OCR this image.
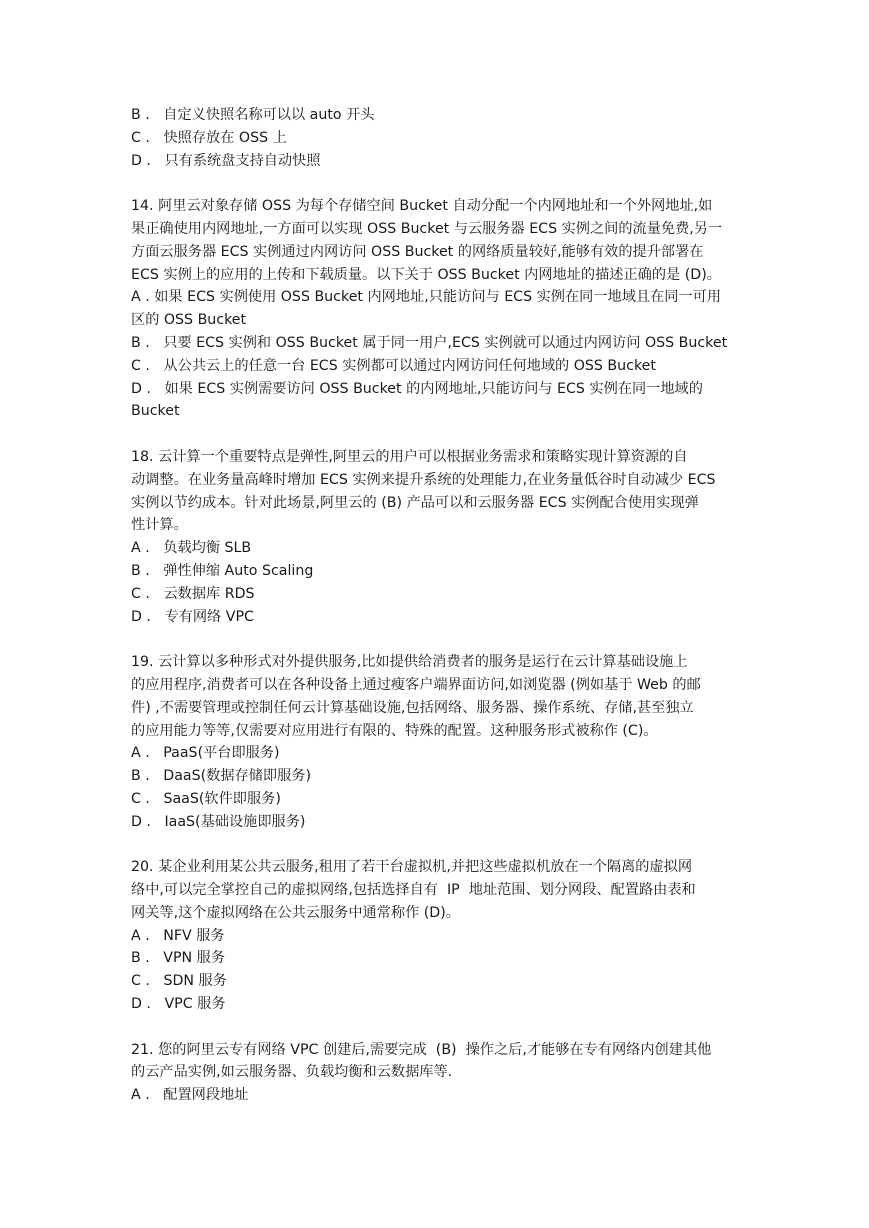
B .   自定义快照名称可以以 auto 开头
C .   快照存放在 OSS 上
D .   只有系统盘支持自动快照
14. 阿里云对象存储 OSS 为每个存储空间 Bucket 自动分配一个内网地址和一个外网地址,如
果正确使用内网地址,一方面可以实现 OSS Bucket 与云服务器 ECS 实例之间的流量免费,另一
方面云服务器 ECS 实例通过内网访问 OSS Bucket 的网络质量较好,能够有效的提升部署在
ECS 实例上的应用的上传和下载质量。以下关于 OSS Bucket 内网地址的描述正确的是 (D)。
A . 如果 ECS 实例使用 OSS Bucket 内网地址,只能访问与 ECS 实例在同一地域且在同一可用
区的 OSS Bucket
B .   只要 ECS 实例和 OSS Bucket 属于同一用户,ECS 实例就可以通过内网访问 OSS Bucket
C .   从公共云上的任意一台 ECS 实例都可以通过内网访问任何地域的 OSS Bucket
D .   如果 ECS 实例需要访问 OSS Bucket 的内网地址,只能访问与 ECS 实例在同一地域的
Bucket
18. 云计算一个重要特点是弹性,阿里云的用户可以根据业务需求和策略实现计算资源的自
动调整。在业务量高峰时增加 ECS 实例来提升系统的处理能力,在业务量低谷时自动减少 ECS
实例以节约成本。针对此场景,阿里云的 (B) 产品可以和云服务器 ECS 实例配合使用实现弹
性计算。
A .   负载均衡 SLB
B .   弹性伸缩 Auto Scaling
C .   云数据库 RDS
D .   专有网络 VPC
19. 云计算以多种形式对外提供服务,比如提供给消费者的服务是运行在云计算基础设施上
的应用程序,消费者可以在各种设备上通过瘦客户端界面访问,如浏览器 (例如基于 Web 的邮
件) ,不需要管理或控制任何云计算基础设施,包括网络、服务器、操作系统、存储,甚至独立
的应用能力等等,仅需要对应用进行有限的、特殊的配置。这种服务形式被称作 (C)。
A .   PaaS(平台即服务)
B .   DaaS(数据存储即服务)
C .   SaaS(软件即服务)
D .   IaaS(基础设施即服务)
20. 某企业利用某公共云服务,租用了若干台虚拟机,并把这些虚拟机放在一个隔离的虚拟网
络中,可以完全掌控自己的虚拟网络,包括选择自有  IP  地址范围、划分网段、配置路由表和
网关等,这个虚拟网络在公共云服务中通常称作 (D)。
A .   NFV 服务
B .   VPN 服务
C .   SDN 服务
D .   VPC 服务
21. 您的阿里云专有网络 VPC 创建后,需要完成  (B)  操作之后,才能够在专有网络内创建其他
的云产品实例,如云服务器、负载均衡和云数据库等.
A .   配置网段地址
